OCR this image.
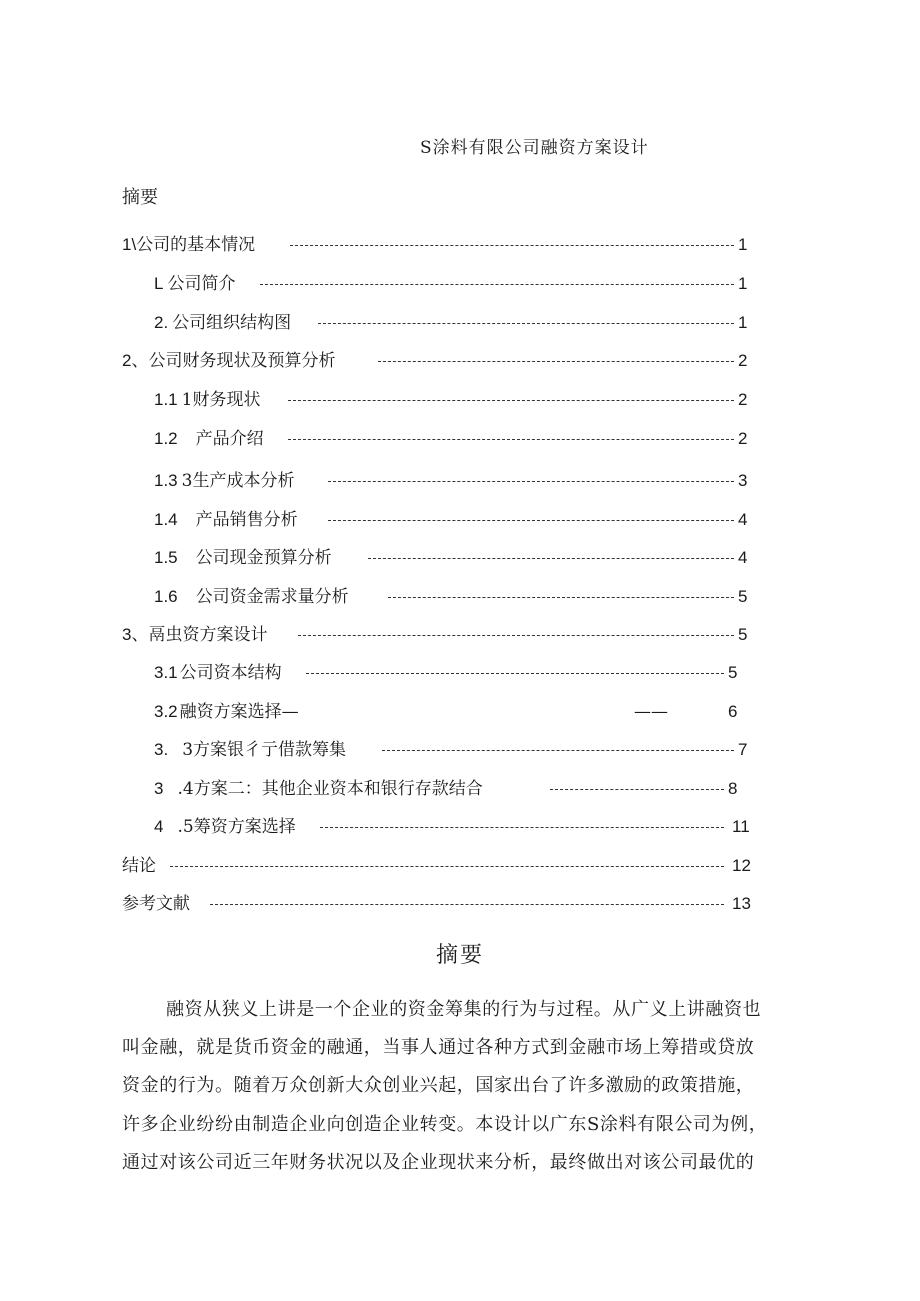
S涂料有限公司融资方案设计
摘要
1\公司的基本情况	1
L 公司简介	1
2. 公司组织结构图	1
2、公司财务现状及预算分析	2
1.1 1财务现状	2
1.2 产品介绍	2
1.3 3生产成本分析	3
1.4 产品销售分析	4
1.5 公司现金预算分析	4
1.6 公司资金需求量分析	5
3、鬲虫资方案设计	5
3.1 公司资本结构	5
3.2 融资方案选择—	——	6
3. 3方案银彳亍借款筹集	7
3 .4方案二：其他企业资本和银行存款结合	8
4 .5筹资方案选择	11
结论	12
参考文献	13
摘要
融资从狭义上讲是一个企业的资金筹集的行为与过程。从广义上讲融资也
叫金融，就是货币资金的融通，当事人通过各种方式到金融市场上筹措或贷放
资金的行为。随着万众创新大众创业兴起，国家出台了许多激励的政策措施，
许多企业纷纷由制造企业向创造企业转变。本设计以广东S涂料有限公司为例，
通过对该公司近三年财务状况以及企业现状来分析，最终做出对该公司最优的
